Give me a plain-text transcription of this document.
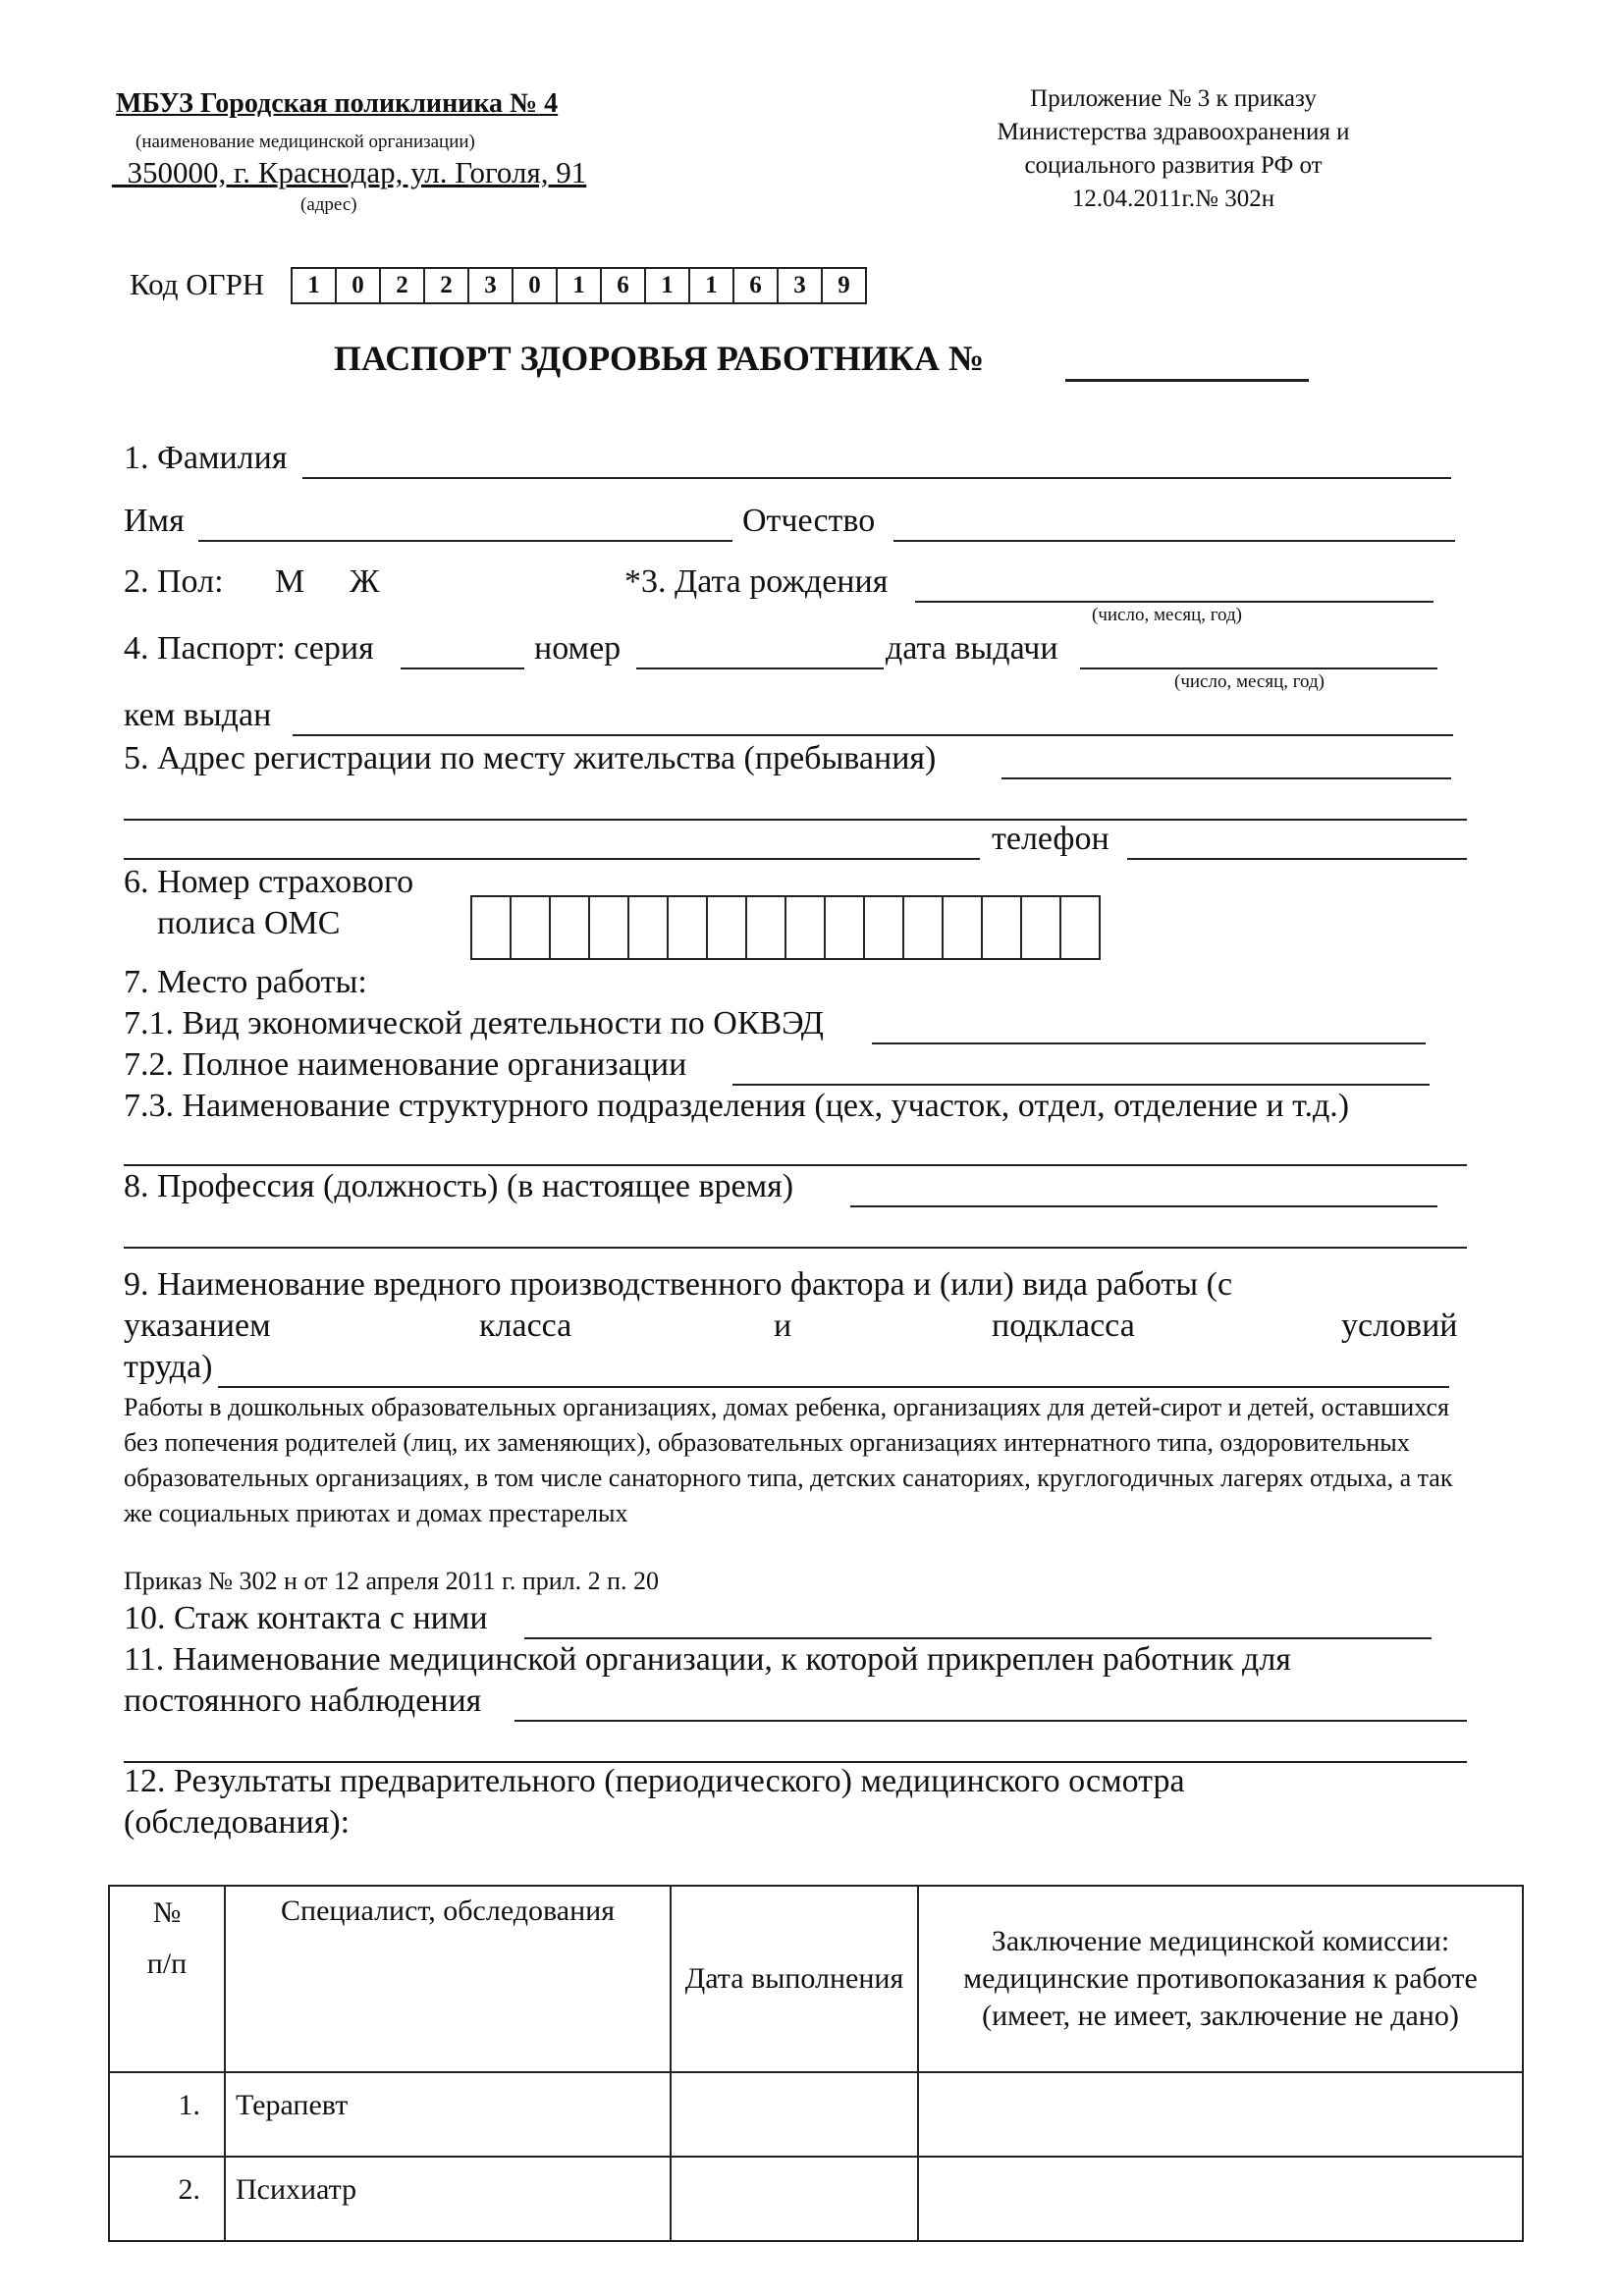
МБУЗ Городская поликлиника № 4
(наименование медицинской организации)
_350000, г. Краснодар, ул. Гоголя, 91
(адрес)
Приложение № 3 к приказу Министерства здравоохранения и социального развития РФ от 12.04.2011г.№ 302н
Код ОГРН	1	0	2	2	3	0	1	6	1	1	6	3	9
ПАСПОРТ ЗДОРОВЬЯ РАБОТНИКА №
1. Фамилия
Имя	Отчество
2. Пол: М Ж	*3. Дата рождения
(число, месяц, год)
4. Паспорт: серия	номер	дата выдачи
(число, месяц, год)
кем выдан
5. Адрес регистрации по месту жительства (пребывания)
телефон
6. Номер страхового
полиса ОМС
7. Место работы:
7.1. Вид экономической деятельности по ОКВЭД
7.2. Полное наименование организации
7.3. Наименование структурного подразделения (цех, участок, отдел, отделение и т.д.)
8. Профессия (должность) (в настоящее время)
9. Наименование вредного производственного фактора и (или) вида работы (с
указанием	класса	и	подкласса	условий
труда)
Работы в дошкольных образовательных организациях, домах ребенка, организациях для детей-сирот и детей, оставшихся без попечения родителей (лиц, их заменяющих), образовательных организациях интернатного типа, оздоровительных образовательных организациях, в том числе санаторного типа, детских санаториях, круглогодичных лагерях отдыха, а так же социальных приютах и домах престарелых
Приказ № 302 н от 12 апреля 2011 г. прил. 2 п. 20
10. Стаж контакта с ними
11. Наименование медицинской организации, к которой прикреплен работник для
постоянного наблюдения
12. Результаты предварительного (периодического) медицинского осмотра
(обследования):
№
п/п	Специалист, обследования	Дата выполнения	Заключение медицинской комиссии: медицинские противопоказания к работе (имеет, не имеет, заключение не дано)
1.	Терапевт		
2.	Психиатр		
